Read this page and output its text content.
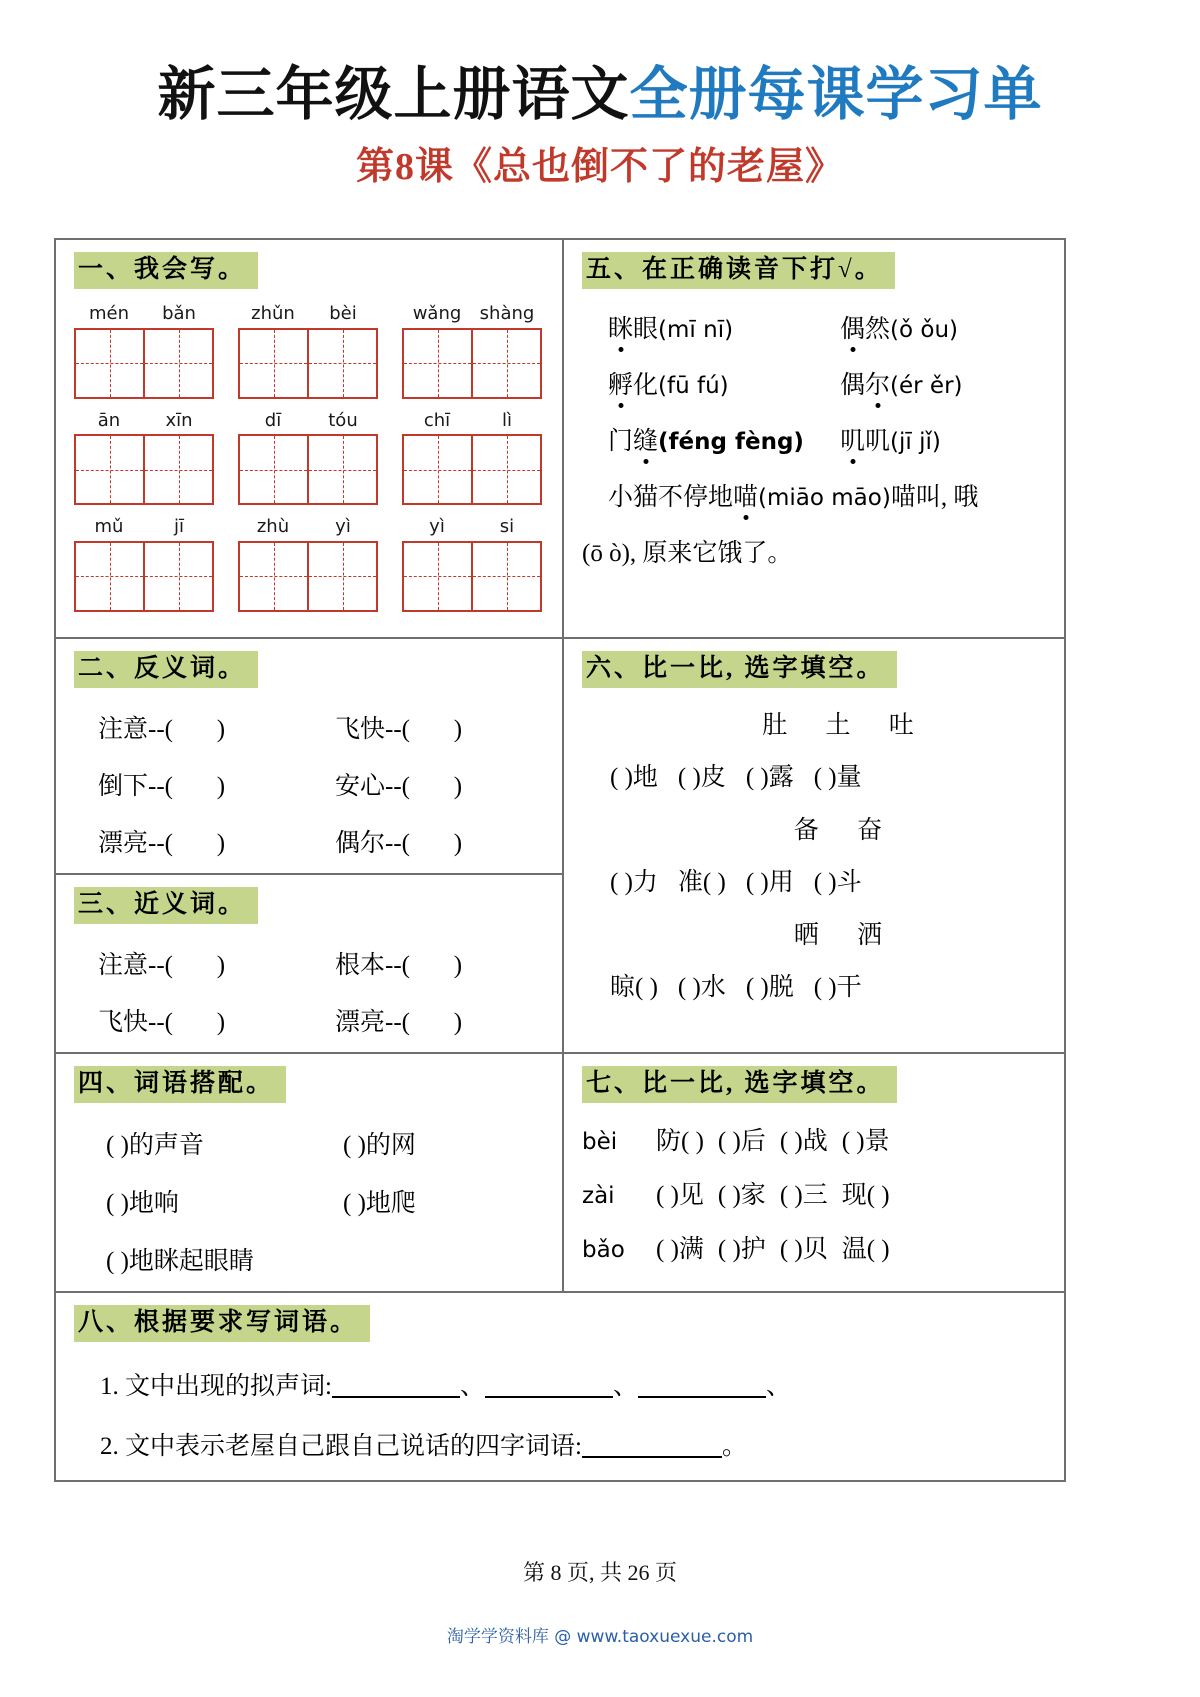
新三年级上册语文全册每课学习单
第8课《总也倒不了的老屋》
一、我会写。
mén	bǎn	zhǔn	bèi	wǎng shàng
ān	xīn	dī	tóu	chī	lì
mǔ	jī	zhù	yì	yì	si
五、在正确读音下打√。
眯眼(mī nī)	偶然(ǒ ǒu)
孵化(fū fú)	偶尔(ér ěr)
门缝(féng fèng)	叽叽(jī jǐ)
小猫不停地喵(miāo māo)喵叫, 哦
(ō ò), 原来它饿了。
二、反义词。
注意--( )	飞快--( )
倒下--( )	安心--( )
漂亮--( )	偶尔--( )
三、近义词。
注意--( )	根本--( )
飞快--( )	漂亮--( )
六、比一比, 选字填空。
肚 土 吐
( )地 ( )皮 ( )露 ( )量
备 奋
( )力 准( ) ( )用 ( )斗
晒 洒
晾( ) ( )水 ( )脱 ( )干
四、词语搭配。
( )的声音	( )的网
( )地响	( )地爬
( )地眯起眼睛
七、比一比, 选字填空。
bèi	防( ) ( )后 ( )战 ( )景
zài	( )见 ( )家 ( )三 现( )
bǎo	( )满 ( )护 ( )贝 温( )
八、根据要求写词语。
1. 文中出现的拟声词:	、	、	、
2. 文中表示老屋自己跟自己说话的四字词语:	。
第 8 页, 共 26 页
淘学学资料库 @ www.taoxuexue.com
